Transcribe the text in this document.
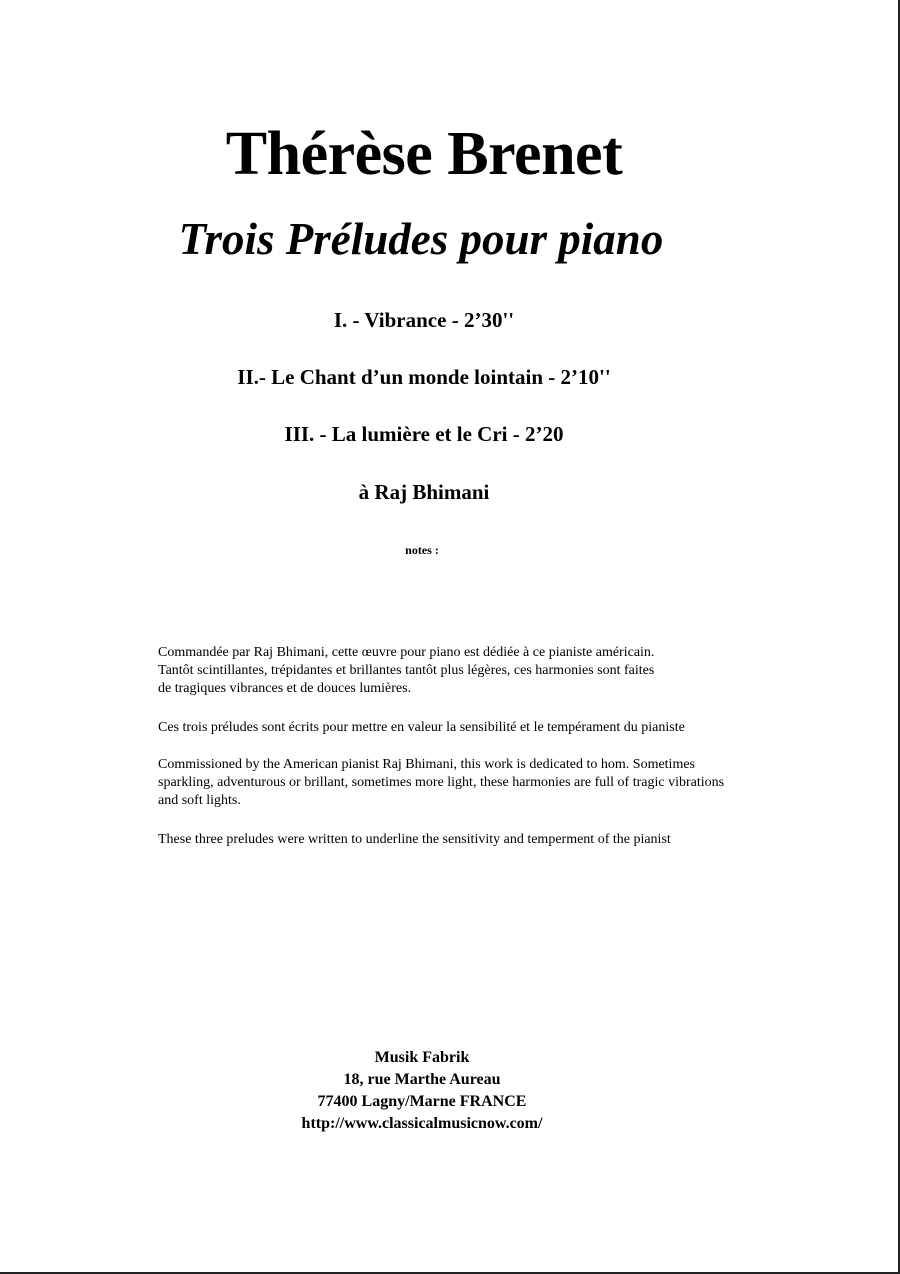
Thérèse Brenet
Trois Préludes pour piano
I. - Vibrance - 2’30''
II.- Le Chant d’un monde lointain - 2’10''
III. - La lumière et le Cri - 2’20
à Raj Bhimani
notes :

Commandée par Raj Bhimani, cette œuvre pour piano est dédiée à ce pianiste américain.
Tantôt scintillantes, trépidantes et brillantes tantôt plus légères, ces harmonies sont faites
de tragiques vibrances et de douces lumières.

Ces trois préludes sont écrits pour mettre en valeur la sensibilité et le tempérament du pianiste

Commissioned by the American pianist Raj Bhimani, this work is dedicated to hom. Sometimes
sparkling, adventurous or brillant, sometimes more light, these harmonies are full of tragic vibrations
and soft lights.

These three preludes were written to underline the sensitivity and temperment of the pianist

Musik Fabrik
18, rue Marthe Aureau
77400 Lagny/Marne FRANCE
http://www.classicalmusicnow.com/
